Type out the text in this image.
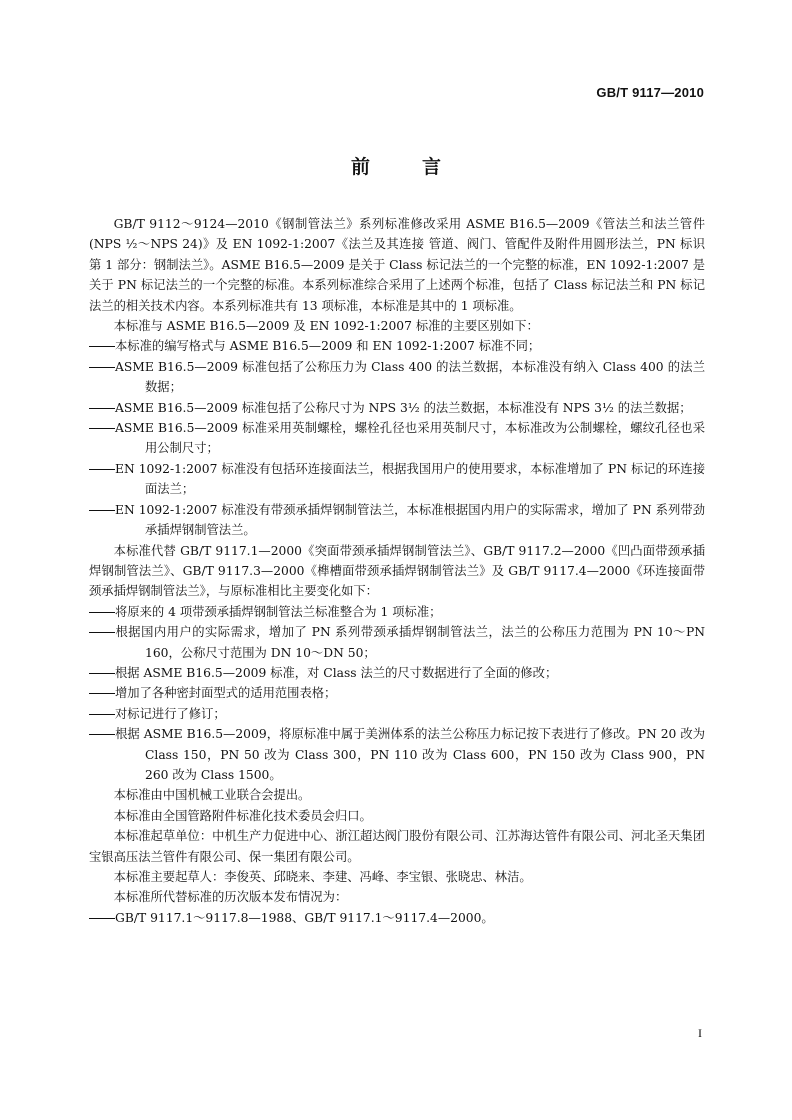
GB/T 9117—2010
前言

GB/T 9112～9124—2010《钢制管法兰》系列标准修改采用 ASME B16.5—2009《管法兰和法兰管件(NPS ½～NPS 24)》及 EN 1092-1:2007《法兰及其连接 管道、阀门、管配件及附件用圆形法兰，PN 标识 第 1 部分：钢制法兰》。ASME B16.5—2009 是关于 Class 标记法兰的一个完整的标准，EN 1092-1:2007 是关于 PN 标记法兰的一个完整的标准。本系列标准综合采用了上述两个标准，包括了 Class 标记法兰和 PN 标记法兰的相关技术内容。本系列标准共有 13 项标准，本标准是其中的 1 项标准。

本标准与 ASME B16.5—2009 及 EN 1092-1:2007 标准的主要区别如下：

本标准的编写格式与 ASME B16.5—2009 和 EN 1092-1:2007 标准不同；

ASME B16.5—2009 标准包括了公称压力为 Class 400 的法兰数据，本标准没有纳入 Class 400 的法兰数据；

ASME B16.5—2009 标准包括了公称尺寸为 NPS 3½ 的法兰数据，本标准没有 NPS 3½ 的法兰数据；

ASME B16.5—2009 标准采用英制螺栓，螺栓孔径也采用英制尺寸，本标准改为公制螺栓，螺纹孔径也采用公制尺寸；

EN 1092-1:2007 标准没有包括环连接面法兰，根据我国用户的使用要求，本标准增加了 PN 标记的环连接面法兰；

EN 1092-1:2007 标准没有带颈承插焊钢制管法兰，本标准根据国内用户的实际需求，增加了 PN 系列带劲承插焊钢制管法兰。

本标准代替 GB/T 9117.1—2000《突面带颈承插焊钢制管法兰》、GB/T 9117.2—2000《凹凸面带颈承插焊钢制管法兰》、GB/T 9117.3—2000《榫槽面带颈承插焊钢制管法兰》及 GB/T 9117.4—2000《环连接面带颈承插焊钢制管法兰》，与原标准相比主要变化如下：

将原来的 4 项带颈承插焊钢制管法兰标准整合为 1 项标准；

根据国内用户的实际需求，增加了 PN 系列带颈承插焊钢制管法兰，法兰的公称压力范围为 PN 10～PN 160，公称尺寸范围为 DN 10～DN 50；

根据 ASME B16.5—2009 标准，对 Class 法兰的尺寸数据进行了全面的修改；

增加了各种密封面型式的适用范围表格；

对标记进行了修订；

根据 ASME B16.5—2009，将原标准中属于美洲体系的法兰公称压力标记按下表进行了修改。PN 20 改为 Class 150，PN 50 改为 Class 300，PN 110 改为 Class 600，PN 150 改为 Class 900，PN 260 改为 Class 1500。

本标准由中国机械工业联合会提出。

本标准由全国管路附件标准化技术委员会归口。

本标准起草单位：中机生产力促进中心、浙江超达阀门股份有限公司、江苏海达管件有限公司、河北圣天集团宝银高压法兰管件有限公司、保一集团有限公司。

本标准主要起草人：李俊英、邱晓来、李建、冯峰、李宝银、张晓忠、林洁。

本标准所代替标准的历次版本发布情况为：

GB/T 9117.1～9117.8—1988、GB/T 9117.1～9117.4—2000。

I
